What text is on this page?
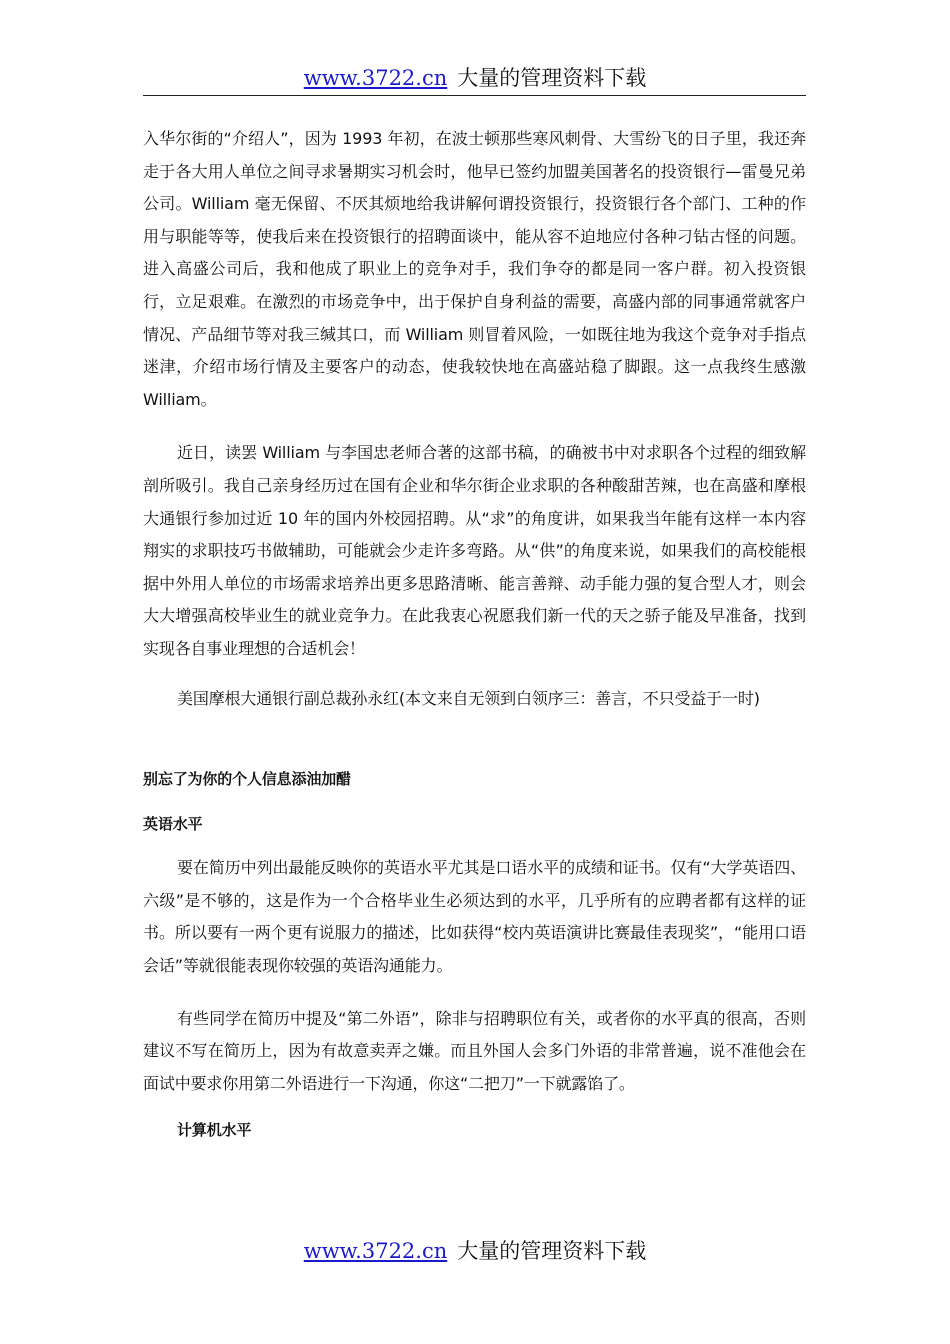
www.3722.cn 大量的管理资料下载

入华尔街的“介绍人”，因为 1993 年初，在波士顿那些寒风刺骨、大雪纷飞的日子里，我还奔走于各大用人单位之间寻求暑期实习机会时，他早已签约加盟美国著名的投资银行—雷曼兄弟公司。William 毫无保留、不厌其烦地给我讲解何谓投资银行，投资银行各个部门、工种的作用与职能等等，使我后来在投资银行的招聘面谈中，能从容不迫地应付各种刁钻古怪的问题。进入高盛公司后，我和他成了职业上的竞争对手，我们争夺的都是同一客户群。初入投资银行，立足艰难。在激烈的市场竞争中，出于保护自身利益的需要，高盛内部的同事通常就客户情况、产品细节等对我三缄其口，而 William 则冒着风险，一如既往地为我这个竞争对手指点迷津，介绍市场行情及主要客户的动态，使我较快地在高盛站稳了脚跟。这一点我终生感激 William。

近日，读罢 William 与李国忠老师合著的这部书稿，的确被书中对求职各个过程的细致解剖所吸引。我自己亲身经历过在国有企业和华尔街企业求职的各种酸甜苦辣，也在高盛和摩根大通银行参加过近 10 年的国内外校园招聘。从“求”的角度讲，如果我当年能有这样一本内容翔实的求职技巧书做辅助，可能就会少走许多弯路。从“供”的角度来说，如果我们的高校能根据中外用人单位的市场需求培养出更多思路清晰、能言善辩、动手能力强的复合型人才，则会大大增强高校毕业生的就业竞争力。在此我衷心祝愿我们新一代的天之骄子能及早准备，找到实现各自事业理想的合适机会！

美国摩根大通银行副总裁孙永红(本文来自无领到白领序三：善言，不只受益于一时)

别忘了为你的个人信息添油加醋

英语水平

要在简历中列出最能反映你的英语水平尤其是口语水平的成绩和证书。仅有“大学英语四、六级”是不够的，这是作为一个合格毕业生必须达到的水平，几乎所有的应聘者都有这样的证书。所以要有一两个更有说服力的描述，比如获得“校内英语演讲比赛最佳表现奖”，“能用口语会话”等就很能表现你较强的英语沟通能力。

有些同学在简历中提及“第二外语”，除非与招聘职位有关，或者你的水平真的很高，否则建议不写在简历上，因为有故意卖弄之嫌。而且外国人会多门外语的非常普遍，说不准他会在面试中要求你用第二外语进行一下沟通，你这“二把刀”一下就露馅了。

计算机水平

www.3722.cn 大量的管理资料下载
